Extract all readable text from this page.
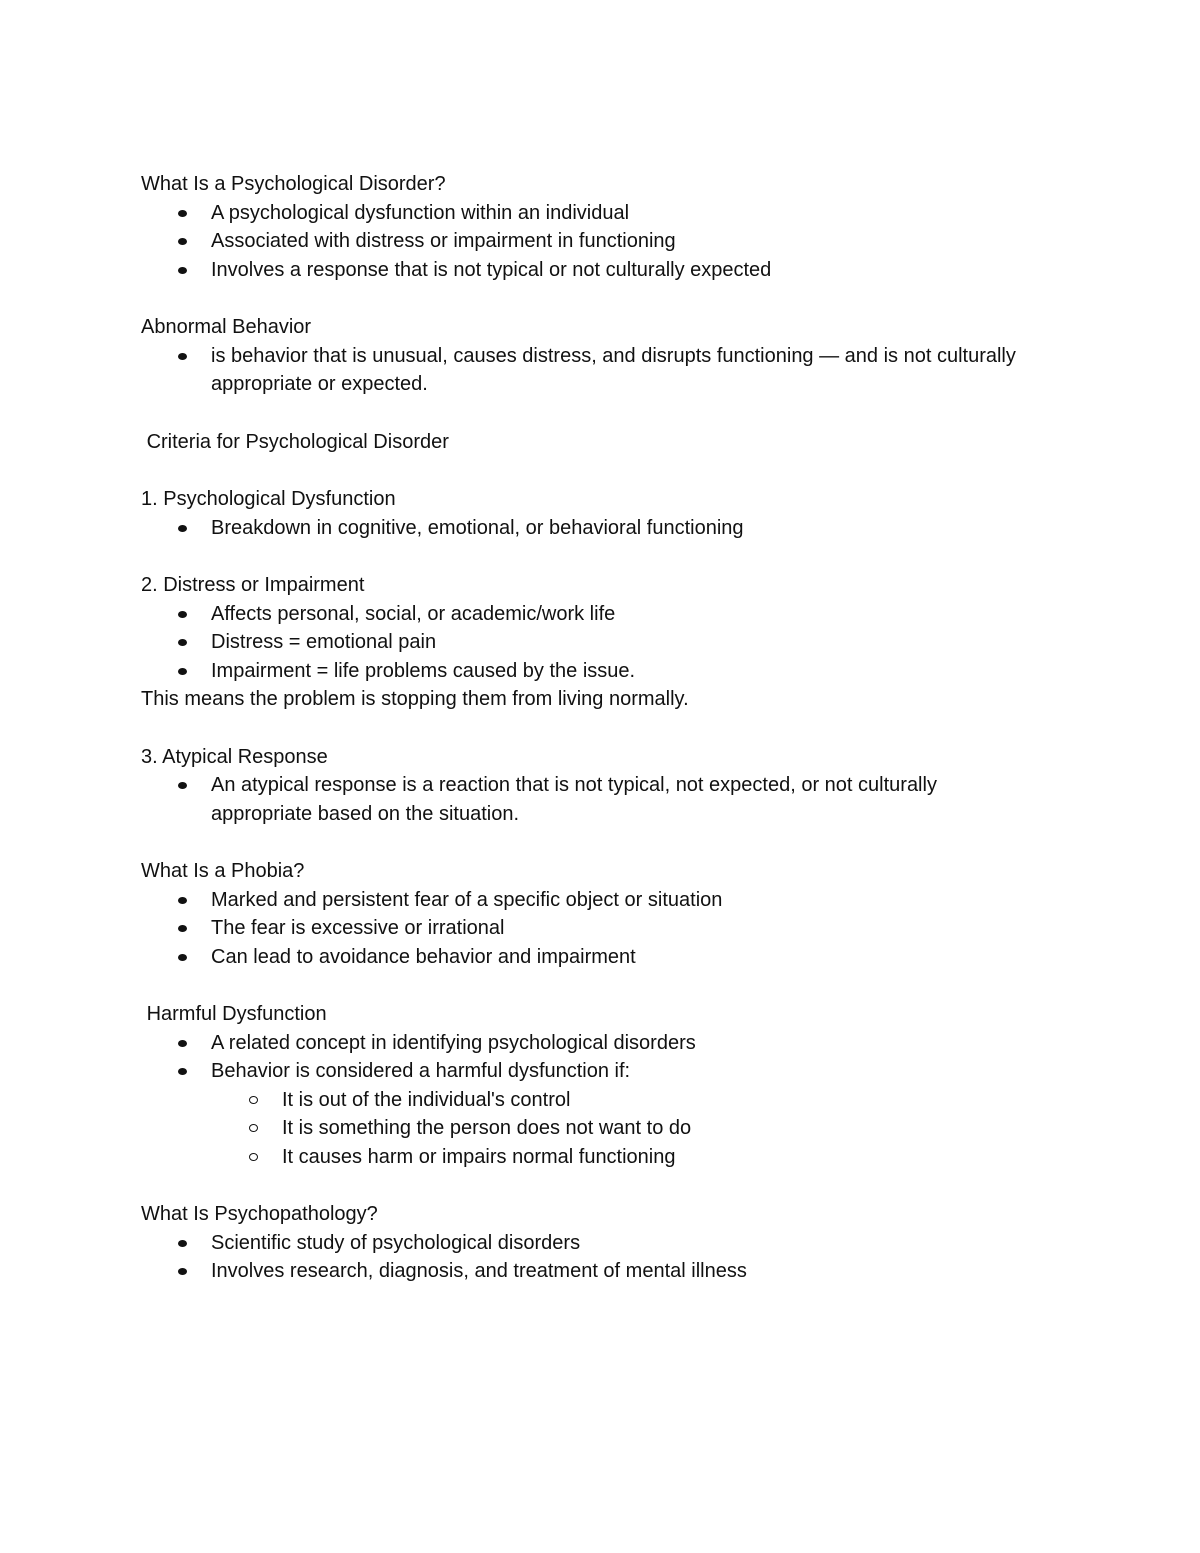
What Is a Psychological Disorder?

A psychological dysfunction within an individual
Associated with distress or impairment in functioning
Involves a response that is not typical or not culturally expected

Abnormal Behavior

is behavior that is unusual, causes distress, and disrupts functioning — and is not culturally appropriate or expected.

Criteria for Psychological Disorder

1. Psychological Dysfunction

Breakdown in cognitive, emotional, or behavioral functioning

2. Distress or Impairment

Affects personal, social, or academic/work life
Distress = emotional pain
Impairment = life problems caused by the issue.

This means the problem is stopping them from living normally.

3. Atypical Response

An atypical response is a reaction that is not typical, not expected, or not culturally appropriate based on the situation.

What Is a Phobia?

Marked and persistent fear of a specific object or situation
The fear is excessive or irrational
Can lead to avoidance behavior and impairment

Harmful Dysfunction

A related concept in identifying psychological disorders
Behavior is considered a harmful dysfunction if:
It is out of the individual's control
It is something the person does not want to do
It causes harm or impairs normal functioning

What Is Psychopathology?

Scientific study of psychological disorders
Involves research, diagnosis, and treatment of mental illness
